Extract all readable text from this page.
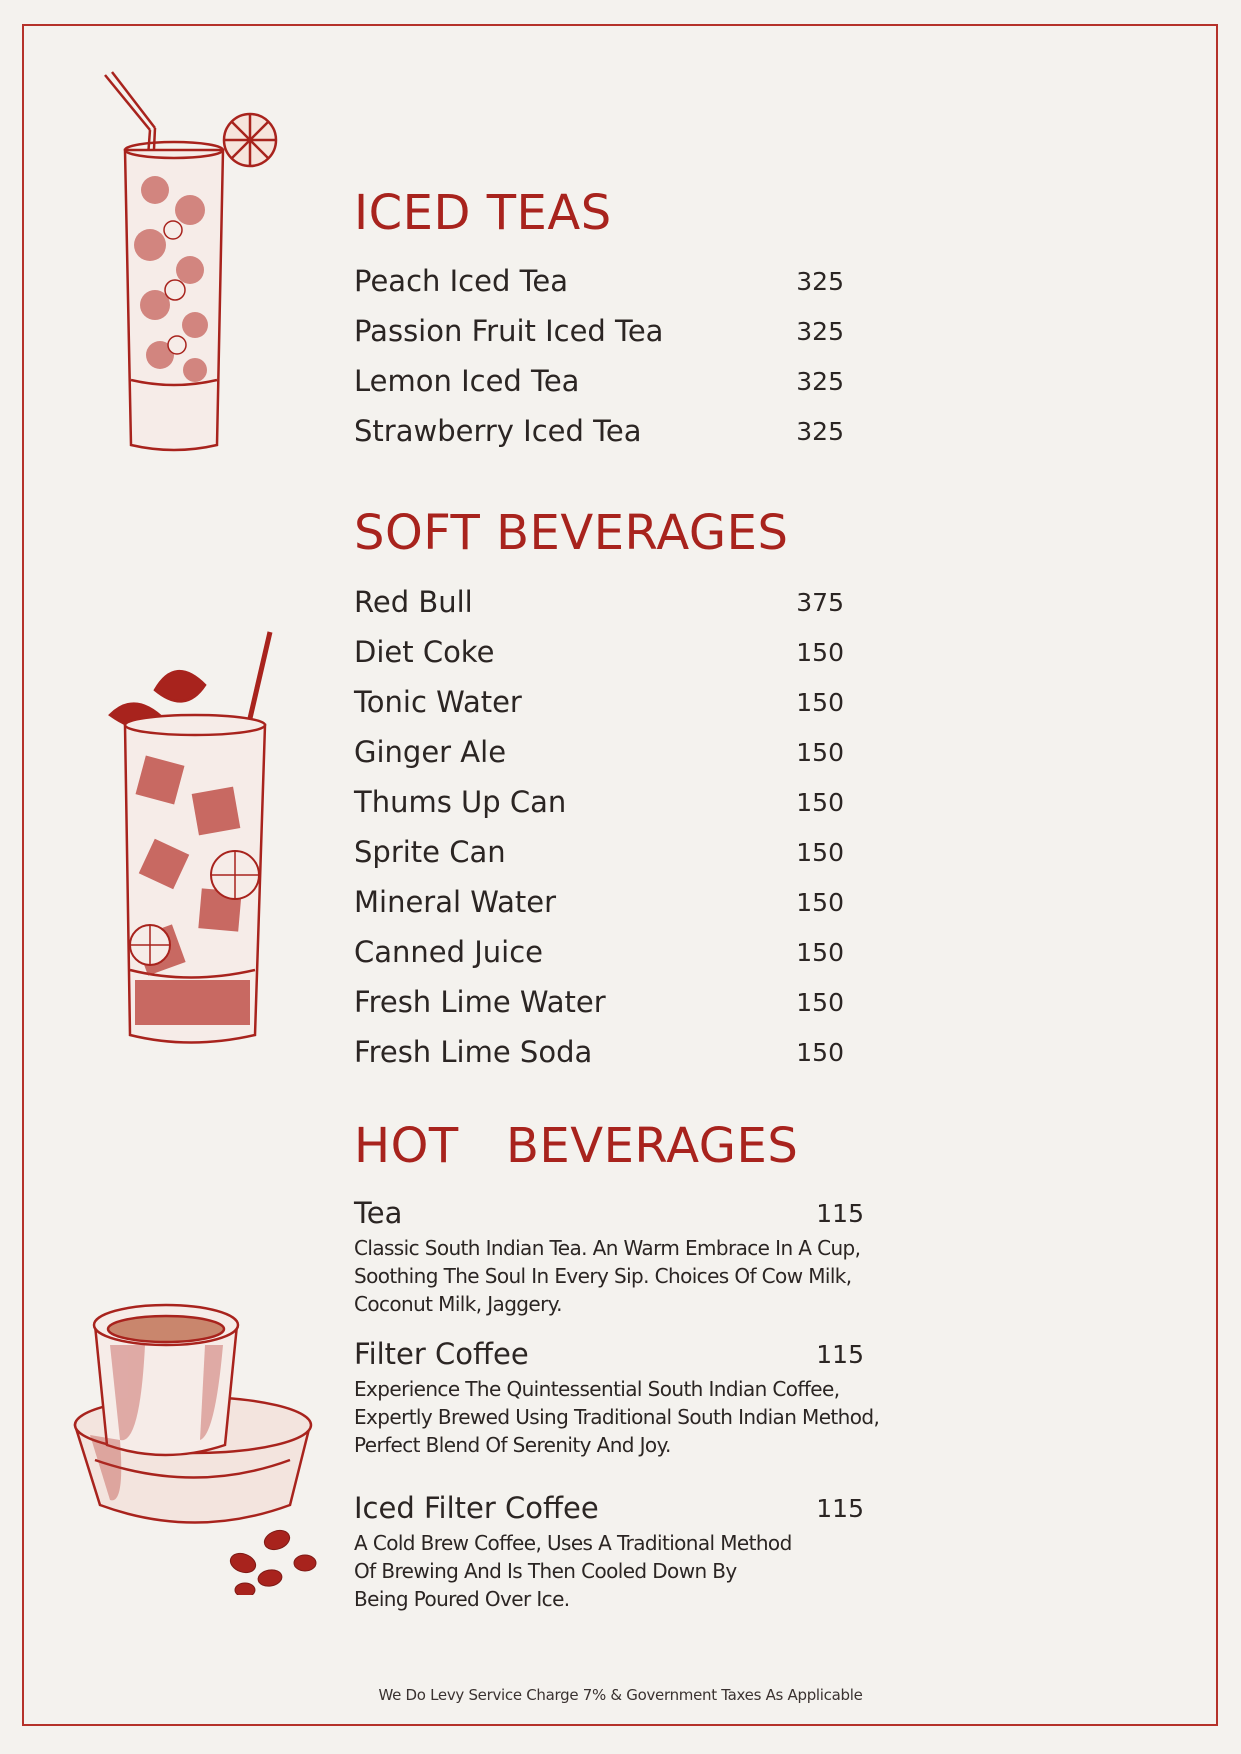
ICED TEAS
Peach Iced Tea	325
Passion Fruit Iced Tea	325
Lemon Iced Tea	325
Strawberry Iced Tea	325
SOFT BEVERAGES
Red Bull	375
Diet Coke	150
Tonic Water	150
Ginger Ale	150
Thums Up Can	150
Sprite Can	150
Mineral Water	150
Canned Juice	150
Fresh Lime Water	150
Fresh Lime Soda	150
HOT   BEVERAGES
Tea	115
Classic South Indian Tea. An Warm Embrace In A Cup,
Soothing The Soul In Every Sip. Choices Of Cow Milk,
Coconut Milk, Jaggery.
Filter Coffee	115
Experience The Quintessential South Indian Coffee,
Expertly Brewed Using Traditional South Indian Method,
Perfect Blend Of Serenity And Joy.
Iced Filter Coffee	115
A Cold Brew Coffee, Uses A Traditional Method
Of Brewing And Is Then Cooled Down By
Being Poured Over Ice.
We Do Levy Service Charge 7% & Government Taxes As Applicable
